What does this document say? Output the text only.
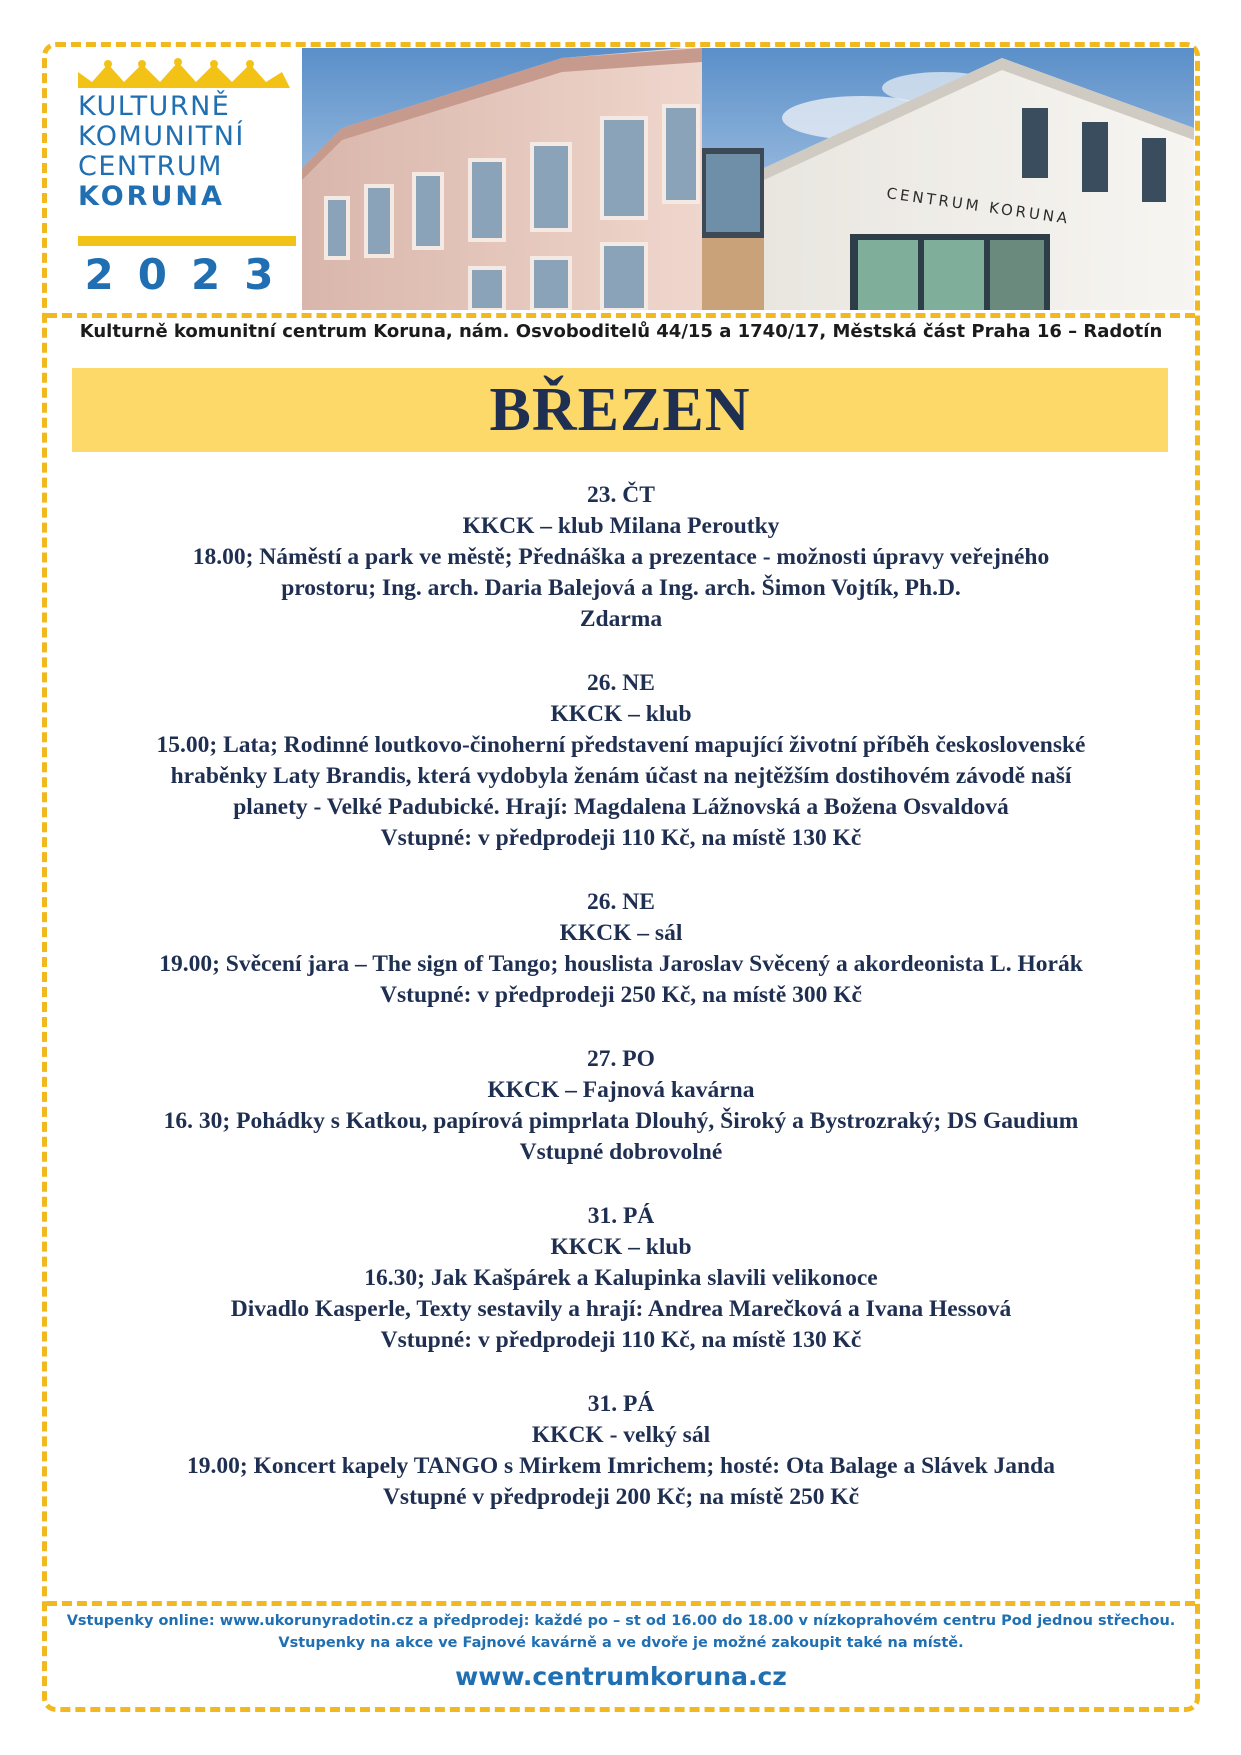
KULTURNĚ
KOMUNITNÍ
CENTRUM
KORUNA
2023
CENTRUM KORUNA
Kulturně komunitní centrum Koruna, nám. Osvoboditelů 44/15 a 1740/17, Městská část Praha 16 – Radotín
BŘEZEN
23. ČT
KKCK – klub Milana Peroutky
18.00; Náměstí a park ve městě; Přednáška a prezentace - možnosti úpravy veřejného
prostoru; Ing. arch. Daria Balejová a Ing. arch. Šimon Vojtík, Ph.D.
Zdarma
26. NE
KKCK – klub
15.00; Lata; Rodinné loutkovo-činoherní představení mapující životní příběh československé
hraběnky Laty Brandis, která vydobyla ženám účast na nejtěžším dostihovém závodě naší
planety - Velké Padubické. Hrají: Magdalena Lážnovská a Božena Osvaldová
Vstupné: v předprodeji 110 Kč, na místě 130 Kč
26. NE
KKCK – sál
19.00; Svěcení jara – The sign of Tango; houslista Jaroslav Svěcený a akordeonista L. Horák
Vstupné: v předprodeji 250 Kč, na místě 300 Kč
27. PO
KKCK – Fajnová kavárna
16. 30; Pohádky s Katkou, papírová pimprlata Dlouhý, Široký a Bystrozraký; DS Gaudium
Vstupné dobrovolné
31. PÁ
KKCK – klub
16.30; Jak Kašpárek a Kalupinka slavili velikonoce
Divadlo Kasperle, Texty sestavily a hrají: Andrea Marečková a Ivana Hessová
Vstupné: v předprodeji 110 Kč, na místě 130 Kč
31. PÁ
KKCK - velký sál
19.00; Koncert kapely TANGO s Mirkem Imrichem; hosté: Ota Balage a Slávek Janda
Vstupné v předprodeji 200 Kč; na místě 250 Kč
Vstupenky online: www.ukorunyradotin.cz a předprodej: každé po – st od 16.00 do 18.00 v nízkoprahovém centru Pod jednou střechou.
Vstupenky na akce ve Fajnové kavárně a ve dvoře je možné zakoupit také na místě.
www.centrumkoruna.cz
